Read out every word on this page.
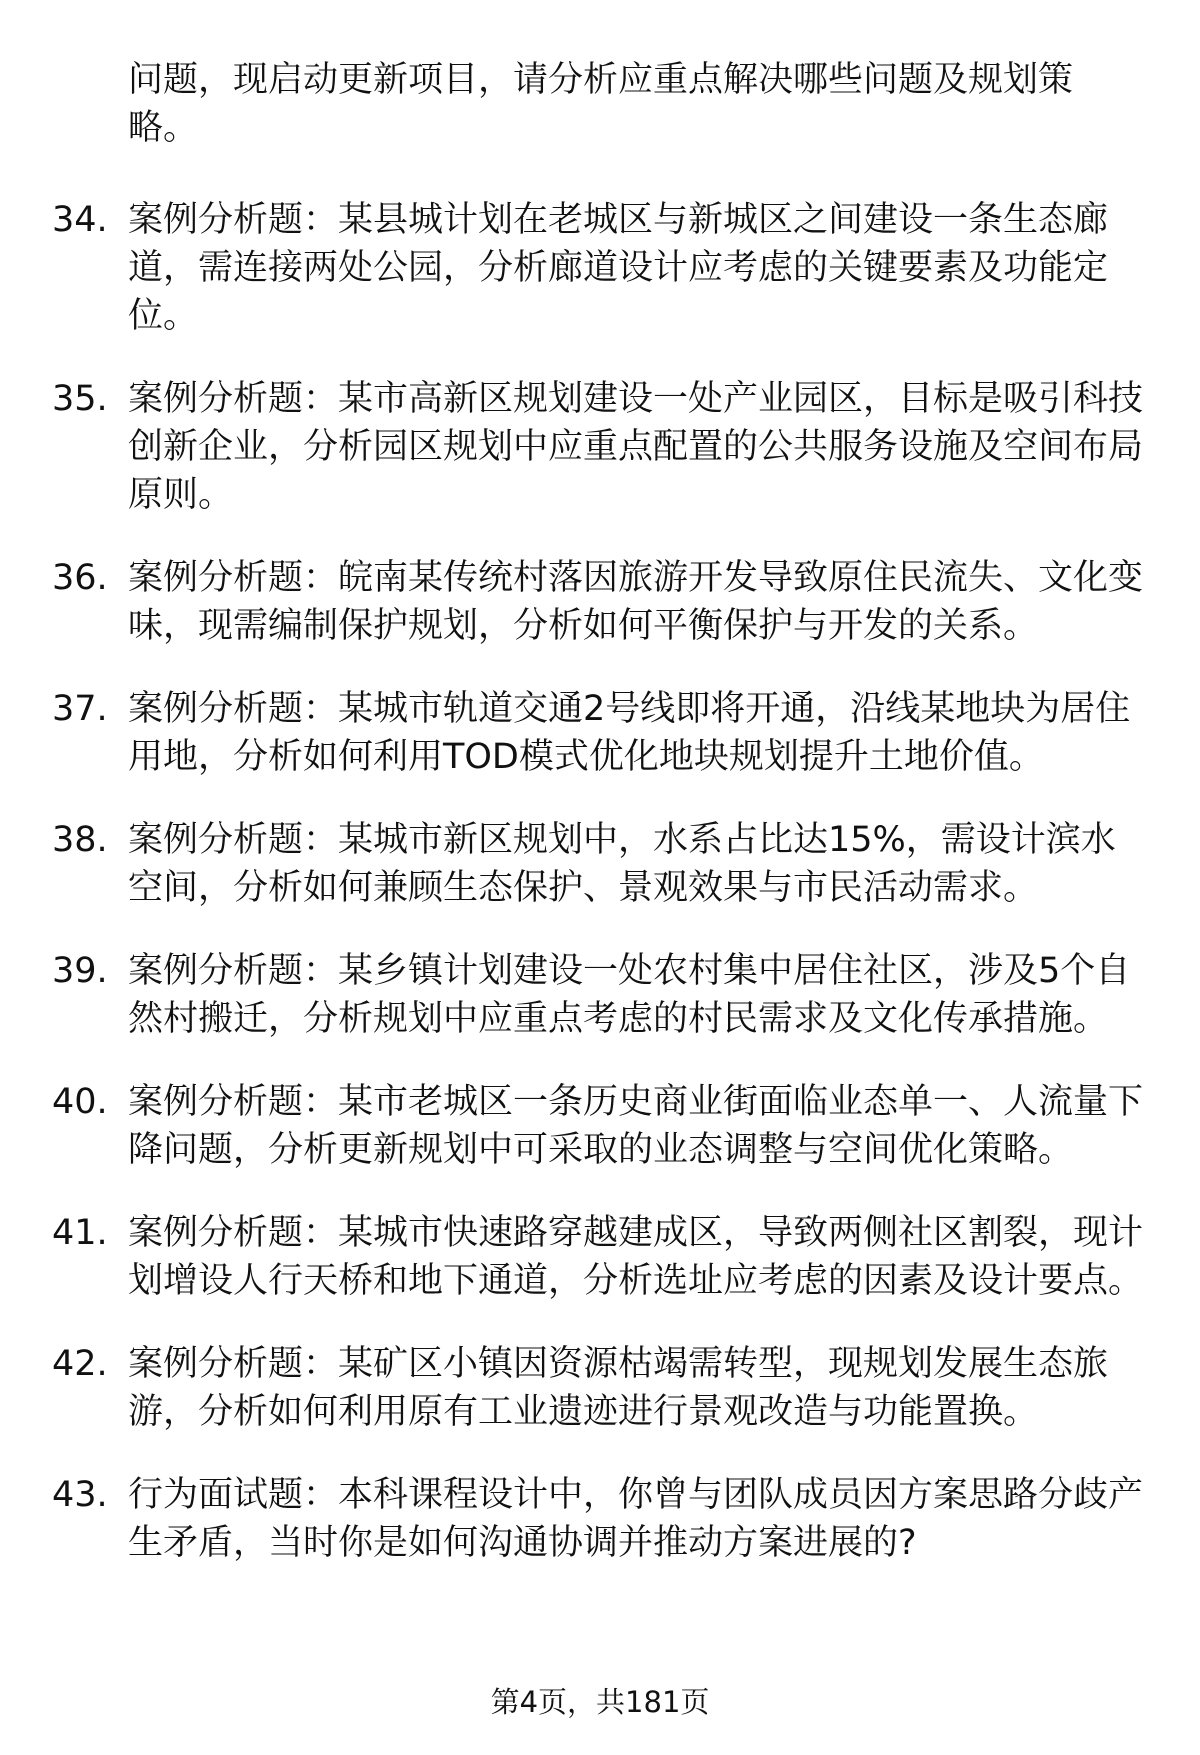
问题，现启动更新项目，请分析应重点解决哪些问题及规划策略。
34. 案例分析题：某县城计划在老城区与新城区之间建设一条生态廊道，需连接两处公园，分析廊道设计应考虑的关键要素及功能定位。
35. 案例分析题：某市高新区规划建设一处产业园区，目标是吸引科技创新企业，分析园区规划中应重点配置的公共服务设施及空间布局原则。
36. 案例分析题：皖南某传统村落因旅游开发导致原住民流失、文化变味，现需编制保护规划，分析如何平衡保护与开发的关系。
37. 案例分析题：某城市轨道交通2号线即将开通，沿线某地块为居住用地，分析如何利用TOD模式优化地块规划提升土地价值。
38. 案例分析题：某城市新区规划中，水系占比达15%，需设计滨水空间，分析如何兼顾生态保护、景观效果与市民活动需求。
39. 案例分析题：某乡镇计划建设一处农村集中居住社区，涉及5个自然村搬迁，分析规划中应重点考虑的村民需求及文化传承措施。
40. 案例分析题：某市老城区一条历史商业街面临业态单一、人流量下降问题，分析更新规划中可采取的业态调整与空间优化策略。
41. 案例分析题：某城市快速路穿越建成区，导致两侧社区割裂，现计划增设人行天桥和地下通道，分析选址应考虑的因素及设计要点。
42. 案例分析题：某矿区小镇因资源枯竭需转型，现规划发展生态旅游，分析如何利用原有工业遗迹进行景观改造与功能置换。
43. 行为面试题：本科课程设计中，你曾与团队成员因方案思路分歧产生矛盾，当时你是如何沟通协调并推动方案进展的?
第4页，共181页
